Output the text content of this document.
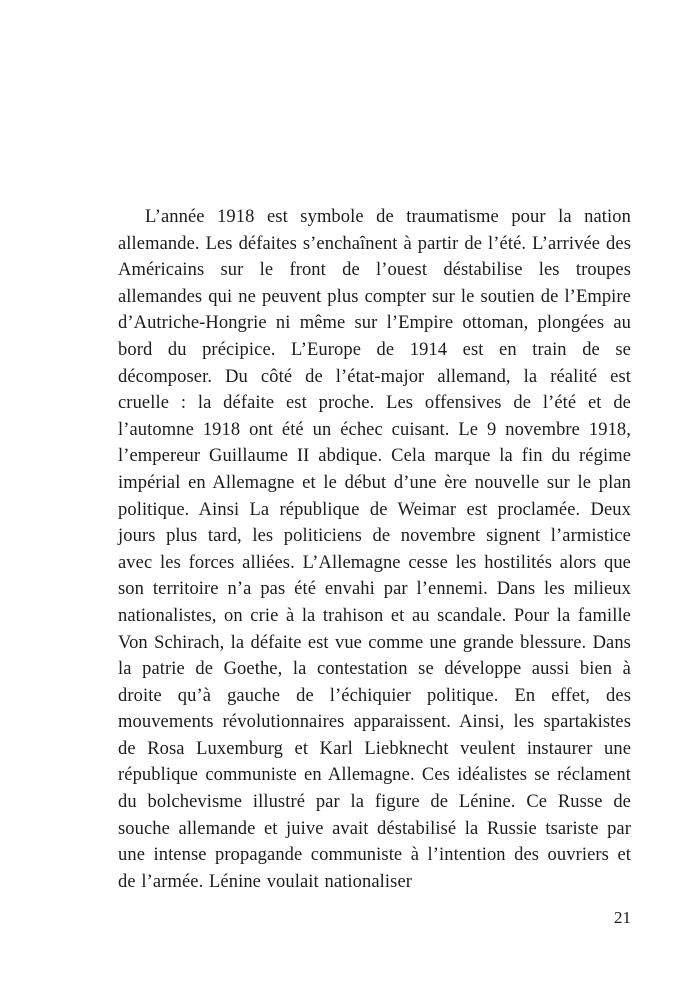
L’année 1918 est symbole de traumatisme pour la nation allemande. Les défaites s’enchaînent à partir de l’été. L’arrivée des Américains sur le front de l’ouest déstabilise les troupes allemandes qui ne peuvent plus compter sur le soutien de l’Empire d’Autriche-Hongrie ni même sur l’Empire ottoman, plongées au bord du précipice. L’Europe de 1914 est en train de se décomposer. Du côté de l’état-major allemand, la réalité est cruelle : la défaite est proche. Les offensives de l’été et de l’automne 1918 ont été un échec cuisant. Le 9 novembre 1918, l’empereur Guillaume II abdique. Cela marque la fin du régime impérial en Allemagne et le début d’une ère nouvelle sur le plan politique. Ainsi La république de Weimar est proclamée. Deux jours plus tard, les politiciens de novembre signent l’armistice avec les forces alliées. L’Allemagne cesse les hostilités alors que son territoire n’a pas été envahi par l’ennemi. Dans les milieux nationalistes, on crie à la trahison et au scandale. Pour la famille Von Schirach, la défaite est vue comme une grande blessure. Dans la patrie de Goethe, la contestation se développe aussi bien à droite qu’à gauche de l’échiquier politique. En effet, des mouvements révolutionnaires apparaissent. Ainsi, les spartakistes de Rosa Luxemburg et Karl Liebknecht veulent instaurer une république communiste en Allemagne. Ces idéalistes se réclament du bolchevisme illustré par la figure de Lénine. Ce Russe de souche allemande et juive avait déstabilisé la Russie tsariste par une intense propagande communiste à l’intention des ouvriers et de l’armée. Lénine voulait nationaliser

21
